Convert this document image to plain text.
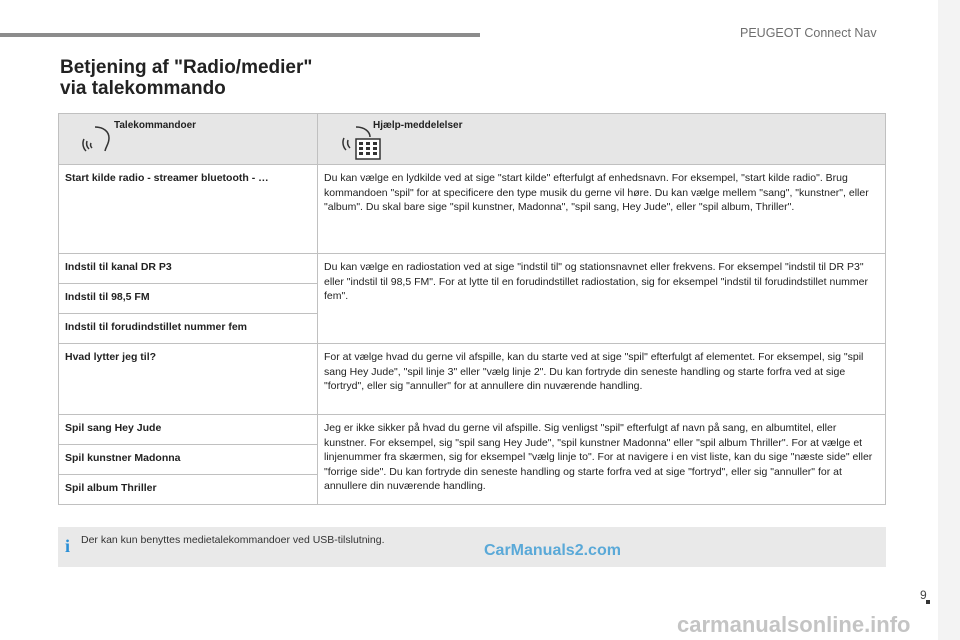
PEUGEOT Connect Nav
9
Betjening af "Radio/medier"
via talekommando
Talekommandoer	Hjælp-meddelelser

Start kilde radio - streamer bluetooth - …	Du kan vælge en lydkilde ved at sige "start kilde" efterfulgt af enhedsnavn. For eksempel, "start kilde radio". Brug kommandoen "spil" for at specificere den type musik du gerne vil høre. Du kan vælge mellem "sang", "kunstner", eller "album". Du skal bare sige "spil kunstner, Madonna", "spil sang, Hey Jude", eller "spil album, Thriller".
Indstil til kanal DR P3	Du kan vælge en radiostation ved at sige "indstil til" og stationsnavnet eller frekvens. For eksempel "indstil til DR P3" eller "indstil til 98,5 FM". For at lytte til en forudindstillet radiostation, sig for eksempel "indstil til forudindstillet nummer fem".
Indstil til 98,5 FM	
Indstil til forudindstillet nummer fem	
Hvad lytter jeg til?	For at vælge hvad du gerne vil afspille, kan du starte ved at sige "spil" efterfulgt af elementet. For eksempel, sig "spil sang Hey Jude", "spil linje 3" eller "vælg linje 2". Du kan fortryde din seneste handling og starte forfra ved at sige "fortryd", eller sig "annuller" for at annullere din nuværende handling.
Spil sang Hey Jude	Jeg er ikke sikker på hvad du gerne vil afspille. Sig venligst "spil" efterfulgt af navn på sang, en albumtitel, eller kunstner. For eksempel, sig "spil sang Hey Jude", "spil kunstner Madonna" eller "spil album Thriller". For at vælge et linjenummer fra skærmen, sig for eksempel "vælg linje to". For at navigere i en vist liste, kan du sige "næste side" eller "forrige side". Du kan fortryde din seneste handling og starte forfra ved at sige "fortryd", eller sig "annuller" for at annullere din nuværende handling.
Spil kunstner Madonna	
Spil album Thriller	
i Der kan kun benyttes medietalekommandoer ved USB-tilslutning.
CarManuals2.com
carmanualsonline.info
